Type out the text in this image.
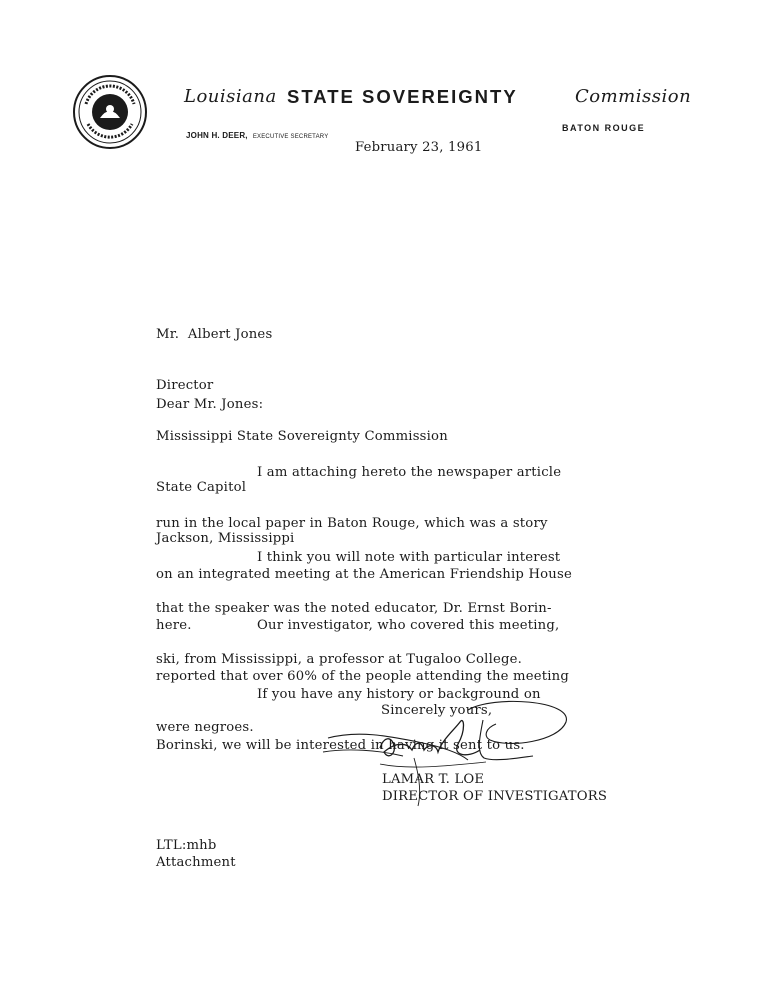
Louisiana STATE SOVEREIGNTY	Commission
JOHN H. DEER, EXECUTIVE SECRETARY
BATON ROUGE
February 23, 1961

Mr.  Albert Jones

Director

Mississippi State Sovereignty Commission

State Capitol

Jackson, Mississippi

Dear Mr. Jones:

I am attaching hereto the newspaper article

run in the local paper in Baton Rouge, which was a story

on an integrated meeting at the American Friendship House

here.

I think you will note with particular interest

that the speaker was the noted educator, Dr. Ernst Borin-

ski, from Mississippi, a professor at Tugaloo College.

Our investigator, who covered this meeting,

reported that over 60% of the people attending the meeting

were negroes.

If you have any history or background on

Borinski, we will be interested in having it sent to us.

Sincerely yours,
LAMAR T. LOE
DIRECTOR OF INVESTIGATORS
LTL:mhb
Attachment
